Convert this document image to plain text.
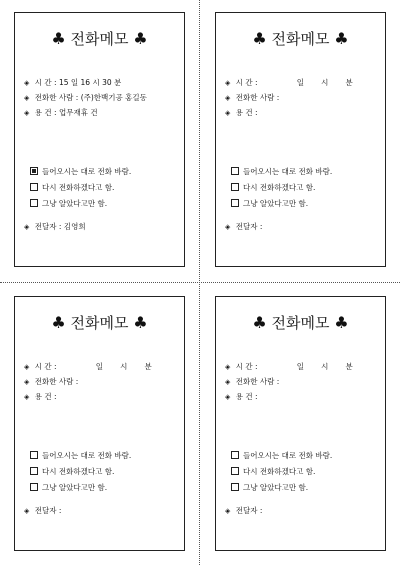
♣ 전화메모 ♣
◈ 시 간 : 15 일 16 시 30 분
◈ 전화한 사람 : (주)한백기공 홍길동
◈ 용 건 : 업무재휴 건
들어오시는 대로 전화 바람.
다시 전화하겠다고 함.
그냥 알았다고만 함.
◈ 전달자 : 김영희
♣ 전화메모 ♣
◈ 시 간 :	일 시 분
◈ 전화한 사람 :
◈ 용 건 :
들어오시는 대로 전화 바람.
다시 전화하겠다고 함.
그냥 알았다고만 함.
◈ 전달자 :
♣ 전화메모 ♣
◈ 시 간 :	일 시 분
◈ 전화한 사람 :
◈ 용 건 :
들어오시는 대로 전화 바람.
다시 전화하겠다고 함.
그냥 알았다고만 함.
◈ 전달자 :
♣ 전화메모 ♣
◈ 시 간 :	일 시 분
◈ 전화한 사람 :
◈ 용 건 :
들어오시는 대로 전화 바람.
다시 전화하겠다고 함.
그냥 알았다고만 함.
◈ 전달자 :
